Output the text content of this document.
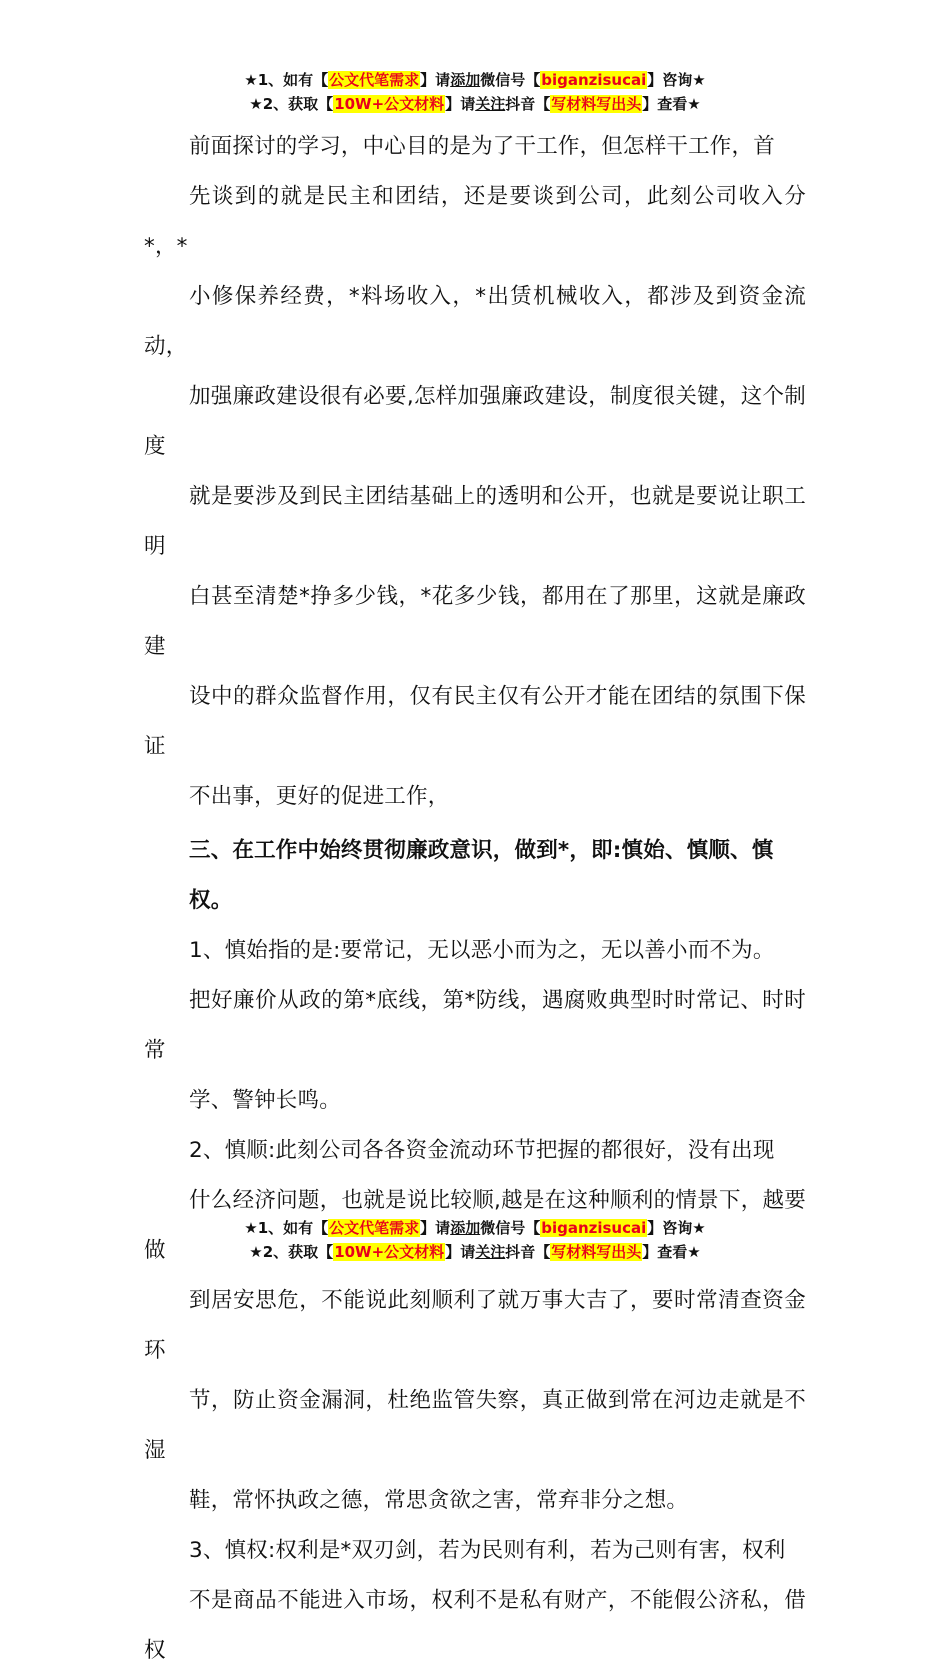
★1、如有【公文代笔需求】请添加微信号【biganzisucai】咨询★
★2、获取【10W+公文材料】请关注抖音【写材料写出头】查看★

前面探讨的学习，中心目的是为了干工作，但怎样干工作，首
先谈到的就是民主和团结，还是要谈到公司，此刻公司收入分*，*
小修保养经费，*料场收入，*出赁机械收入，都涉及到资金流动，
加强廉政建设很有必要,怎样加强廉政建设，制度很关键，这个制度
就是要涉及到民主团结基础上的透明和公开，也就是要说让职工明
白甚至清楚*挣多少钱，*花多少钱，都用在了那里，这就是廉政建
设中的群众监督作用，仅有民主仅有公开才能在团结的氛围下保证
不出事，更好的促进工作，

三、在工作中始终贯彻廉政意识，做到*，即:慎始、慎顺、慎
权。

1、慎始指的是:要常记，无以恶小而为之，无以善小而不为。
把好廉价从政的第*底线，第*防线，遇腐败典型时时常记、时时常
学、警钟长鸣。

2、慎顺:此刻公司各各资金流动环节把握的都很好，没有出现
什么经济问题，也就是说比较顺,越是在这种顺利的情景下，越要做
到居安思危，不能说此刻顺利了就万事大吉了，要时常清查资金环
节，防止资金漏洞，杜绝监管失察，真正做到常在河边走就是不湿
鞋，常怀执政之德，常思贪欲之害，常弃非分之想。

3、慎权:权利是*双刃剑，若为民则有利，若为己则有害，权利
不是商品不能进入市场，权利不是私有财产，不能假公济私，借权

★1、如有【公文代笔需求】请添加微信号【biganzisucai】咨询★
★2、获取【10W+公文材料】请关注抖音【写材料写出头】查看★
